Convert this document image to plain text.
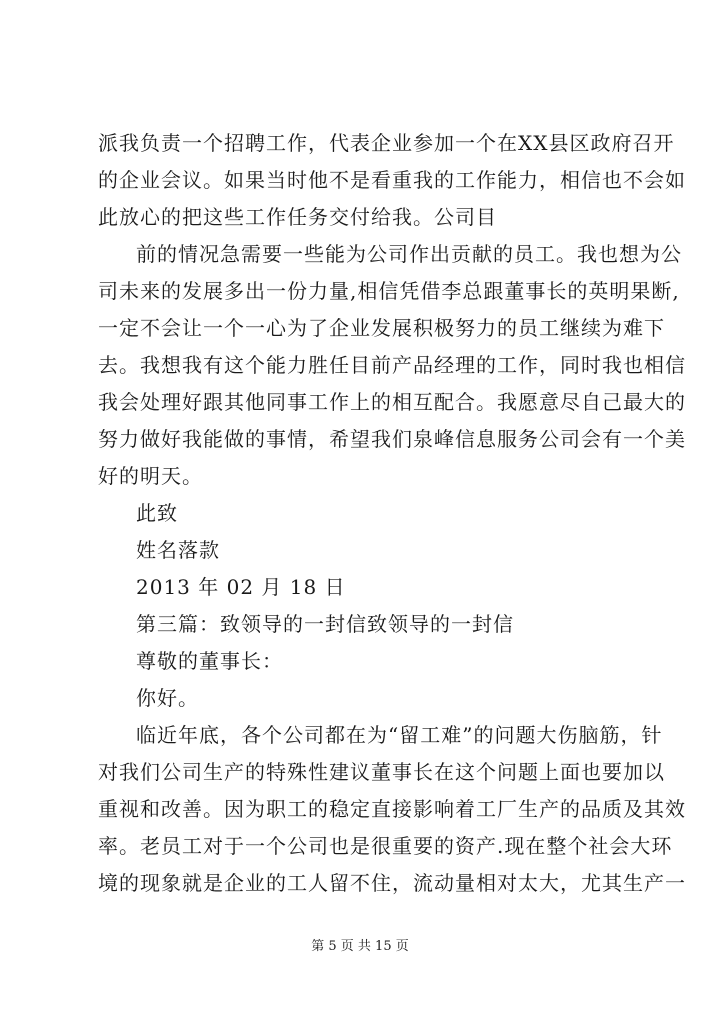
派我负责一个招聘工作，代表企业参加一个在XX县区政府召开
的企业会议。如果当时他不是看重我的工作能力，相信也不会如
此放心的把这些工作任务交付给我。公司目
前的情况急需要一些能为公司作出贡献的员工。我也想为公
司未来的发展多出一份力量,相信凭借李总跟董事长的英明果断,
一定不会让一个一心为了企业发展积极努力的员工继续为难下
去。我想我有这个能力胜任目前产品经理的工作，同时我也相信
我会处理好跟其他同事工作上的相互配合。我愿意尽自己最大的
努力做好我能做的事情，希望我们泉峰信息服务公司会有一个美
好的明天。
此致
姓名落款
2013 年 02 月 18 日
第三篇：致领导的一封信致领导的一封信
尊敬的董事长：
你好。
临近年底，各个公司都在为“留工难”的问题大伤脑筋，针
对我们公司生产的特殊性建议董事长在这个问题上面也要加以
重视和改善。因为职工的稳定直接影响着工厂生产的品质及其效
率。老员工对于一个公司也是很重要的资产.现在整个社会大环
境的现象就是企业的工人留不住，流动量相对太大，尤其生产一
第 5 页 共 15 页
